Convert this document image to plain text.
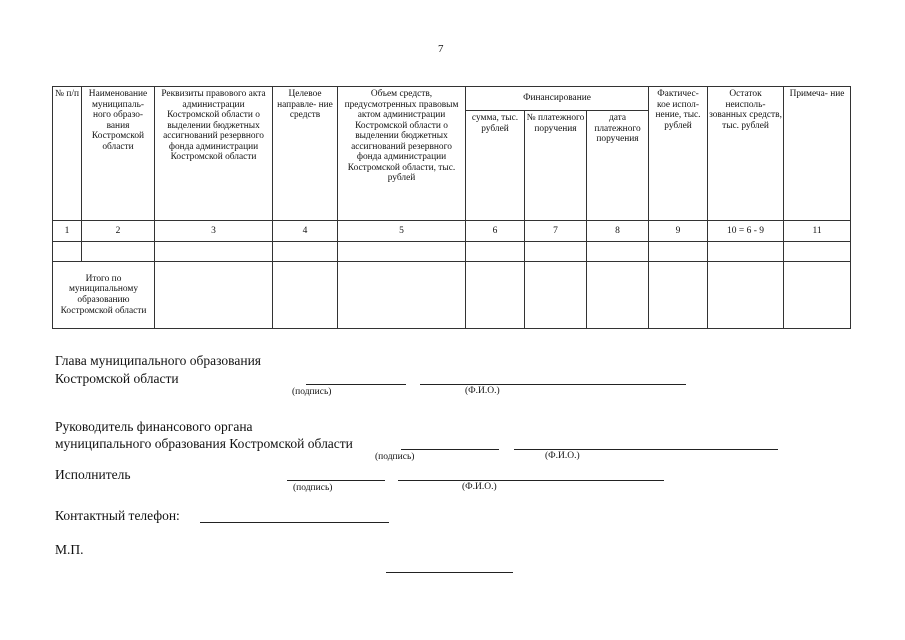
7
№ п/п	Наименование муниципаль- ного образо- вания Костромской области	Реквизиты правового акта администрации Костромской области о выделении бюджетных ассигнований резервного фонда администрации Костромской области	Целевое направле- ние средств	Объем средств, предусмотренных правовым актом администрации Костромской области о выделении бюджетных ассигнований резервного фонда администрации Костромской области, тыс. рублей	Финансирование			Фактичес- кое испол- нение, тыс. рублей	Остаток неисполь- зованных средств, тыс. рублей	Примеча- ние
					сумма, тыс. рублей	№ платежного поручения	дата платежного поручения			
1	2	3	4	5	6	7	8	9	10 = 6 - 9	11

Итого по муниципальному образованию Костромской области										
Глава муниципального образования
Костромской области
(подпись)	(Ф.И.О.)
Руководитель финансового органа
муниципального образования Костромской области
(подпись)	(Ф.И.О.)
Исполнитель
(подпись)	(Ф.И.О.)
Контактный телефон:
М.П.
